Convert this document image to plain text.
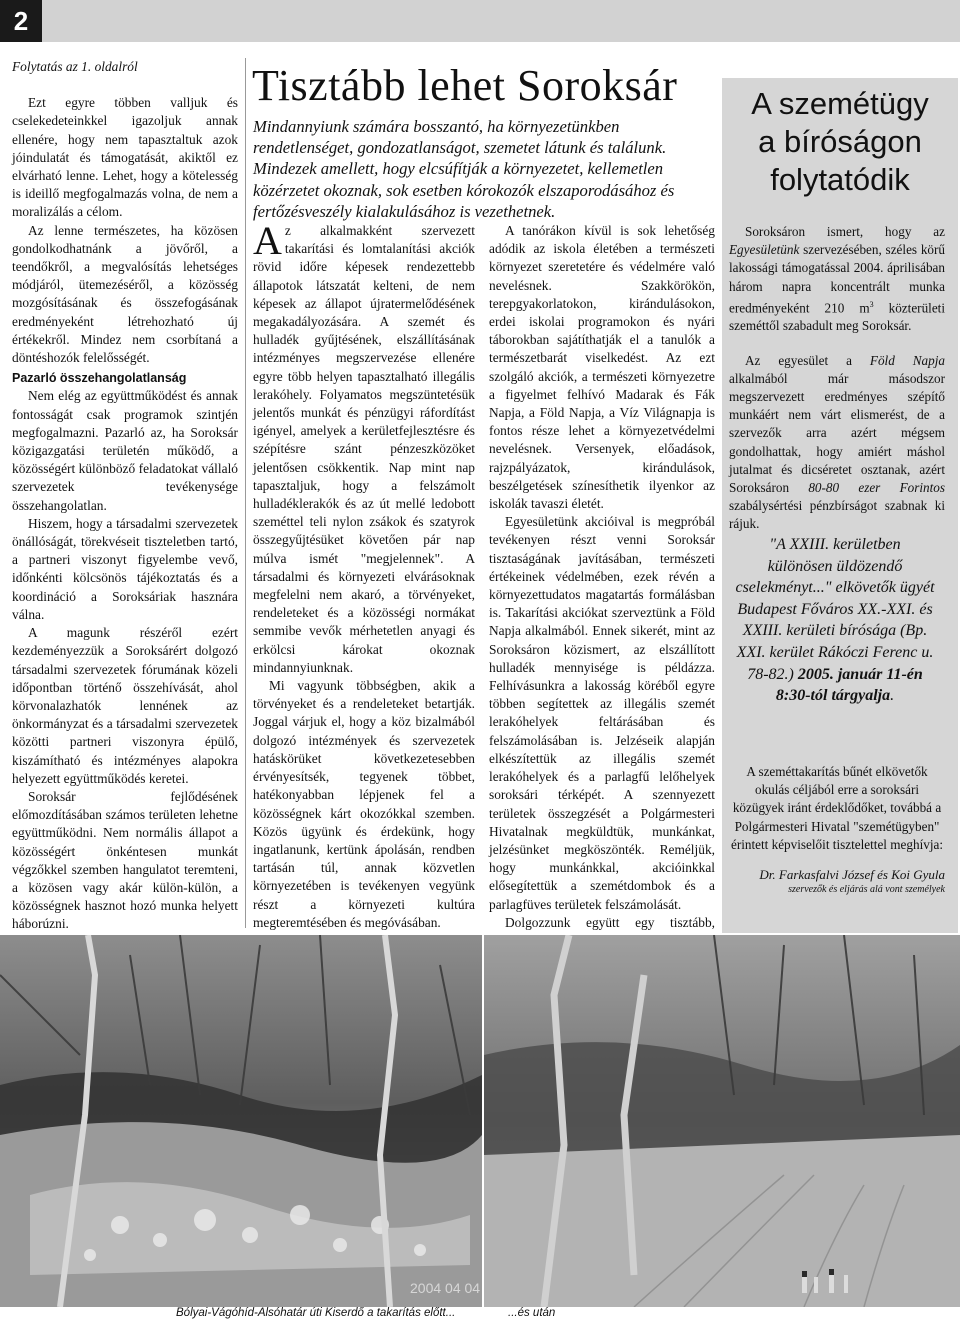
2

Folytatás az 1. oldalról

Ezt egyre többen valljuk és cselekedeteinkkel igazoljuk annak ellenére, hogy nem tapasztaltuk azok jóindulatát és támogatását, akiktől ez elvárható lenne. Lehet, hogy a kötelesség is ideillő megfogalmazás volna, de nem a moralizálás a célom.

Az lenne természetes, ha közösen gondolkodhatnánk a jövőről, a teendőkről, a megvalósítás lehetséges módjáról, ütemezéséről, a közösség mozgósításának és összefogásának eredményeként létrehozható új értékekről. Mindez nem csorbítaná a döntéshozók felelősségét.

Pazarló összehangolatlanság

Nem elég az együttműködést és annak fontosságát csak programok szintjén megfogalmazni. Pazarló az, ha Soroksár közigazgatási területén működő, a közösségért különböző feladatokat vállaló szervezetek tevékenysége összehangolatlan.

Hiszem, hogy a társadalmi szervezetek önállóságát, törekvéseit tiszteletben tartó, a partneri viszonyt figyelembe vevő, időnkénti kölcsönös tájékoztatás és a koordináció a Soroksáriak hasznára válna.

A magunk részéről ezért kezdeményezzük a Soroksárért dolgozó társadalmi szervezetek fórumának közeli időpontban történő összehívását, ahol körvonalazhatók lennének az önkormányzat és a társadalmi szervezetek közötti partneri viszonyra épülő, kiszámítható és intézményes alapokra helyezett együttműködés keretei.

Soroksár fejlődésének előmozdításában számos területen lehetne együttműködni. Nem normális állapot a közösségért önkéntesen munkát végzőkkel szemben hangulatot teremteni, a közösen vagy akár külön-külön, a közösségnek hasznot hozó munka helyett háborúzni.

Tisztább lehet Soroksár
Mindannyiunk számára bosszantó, ha környezetünkben rendetlenséget, gondozatlanságot, szemetet látunk és találunk. Mindezek amellett, hogy elcsúfítják a környezetet, kellemetlen közérzetet okoznak, sok esetben kórokozók elszaporodásához és fertőzésveszély kialakulásához is vezethetnek.

Az alkalmakként szervezett takarítási és lomtalanítási akciók rövid időre képesek rendezettebb állapotok látszatát kelteni, de nem képesek az állapot újratermelődésének megakadályozására. A szemét és hulladék gyűjtésének, elszállításának intézményes megszervezése ellenére egyre több helyen tapasztalható illegális lerakóhely. Folyamatos megszüntetésük jelentős munkát és pénzügyi ráfordítást igényel, amelyek a kerületfejlesztésre és szépítésre szánt pénzeszközöket jelentősen csökkentik. Nap mint nap tapasztaljuk, hogy a felszámolt hulladéklerakók és az út mellé ledobott szeméttel teli nylon zsákok és szatyrok összegyűjtésüket követően pár nap múlva ismét "megjelennek". A társadalmi és környezeti elvárásoknak megfelelni nem akaró, a törvényeket, rendeleteket és a közösségi normákat semmibe vevők mérhetetlen anyagi és erkölcsi károkat okoznak mindannyiunknak.

Mi vagyunk többségben, akik a törvényeket és a rendeleteket betartják. Joggal várjuk el, hogy a köz bizalmából dolgozó intézmények és szervezetek hatáskörüket következetesebben érvényesítsék, tegyenek többet, hatékonyabban lépjenek fel a közösségnek kárt okozókkal szemben. Közös ügyünk és érdekünk, hogy ingatlanunk, kertünk ápolásán, rendben tartásán túl, annak közvetlen környezetében is tevékenyen vegyünk részt a környezeti kultúra megteremtésében és megóvásában.

A tanórákon kívül is sok lehetőség adódik az iskola életében a természeti környezet szeretetére és védelmére való nevelésnek. Szakkörökön, terepgyakorlatokon, kirándulásokon, erdei iskolai programokon és nyári táborokban sajátíthatják el a tanulók a természetbarát viselkedést. Az ezt szolgáló akciók, a természeti környezetre a figyelmet felhívó Madarak és Fák Napja, a Föld Napja, a Víz Világnapja is fontos része lehet a környezetvédelmi nevelésnek. Versenyek, előadások, rajzpályázatok, kirándulások, beszélgetések színesíthetik ilyenkor az iskolák tavaszi életét.

Egyesületünk akcióival is megpróbál tevékenyen részt venni Soroksár tisztaságának javításában, természeti értékeinek védelmében, ezek révén a környezettudatos magatartás formálásban is. Takarítási akciókat szerveztünk a Föld Napja alkalmából. Ennek sikerét, mint az Soroksáron közismert, az elszállított hulladék mennyisége is példázza. Felhívásunkra a lakosság köréből egyre többen segítettek az illegális szemét lerakóhelyek feltárásában és felszámolásában is. Jelzéseik alapján elkészítettük az illegális szemét lerakóhelyek és a parlagfű lelőhelyek soroksári térképét. A szennyezett területek összegzését a Polgármesteri Hivatalnak megküldtük, munkánkat, jelzésünket megköszönték. Reméljük, hogy munkánkkal, akcióinkkal elősegítettük a szemétdombok és a parlagfüves területek felszámolását.

Dolgozzunk együtt egy tisztább,

A szemétügy
a bíróságon
folytatódik

Soroksáron ismert, hogy az Egyesületünk szervezésében, széles körű lakossági támogatással 2004. áprilisában három napra koncentrált munka eredményeként 210 $m^3$ közterületi szeméttől szabadult meg Soroksár.

Az egyesület a Föld Napja alkalmából már másodszor megszervezett eredményes szépítő munkáért nem várt elismerést, de a szervezők arra azért mégsem gondolhattak, hogy amiért máshol jutalmat és dicséretet osztanak, azért Soroksáron 80-80 ezer Forintos szabálysértési pénzbírságot szabnak ki rájuk.

"A XXIII. kerületben különösen üldözendő cselekményt..." elkövetők ügyét Budapest Főváros XX.-XXI. és XXIII. kerületi bírósága (Bp. XXI. kerület Rákóczi Ferenc u. 78-82.) 2005. január 11-én
8:30-tól tárgyalja.
A szeméttakarítás bűnét elkövetők okulás céljából erre a soroksári közügyek iránt érdeklődőket, továbbá a Polgármesteri Hivatal "szemétügyben" érintett képviselőit tisztelettel meghívja:
Dr. Farkasfalvi József és Koi Gyula
szervezők és eljárás alá vont személyek
2004 04 04
Bólyai-Vágóhíd-Alsóhatár úti Kiserdő a takarítás előtt...	...és után
